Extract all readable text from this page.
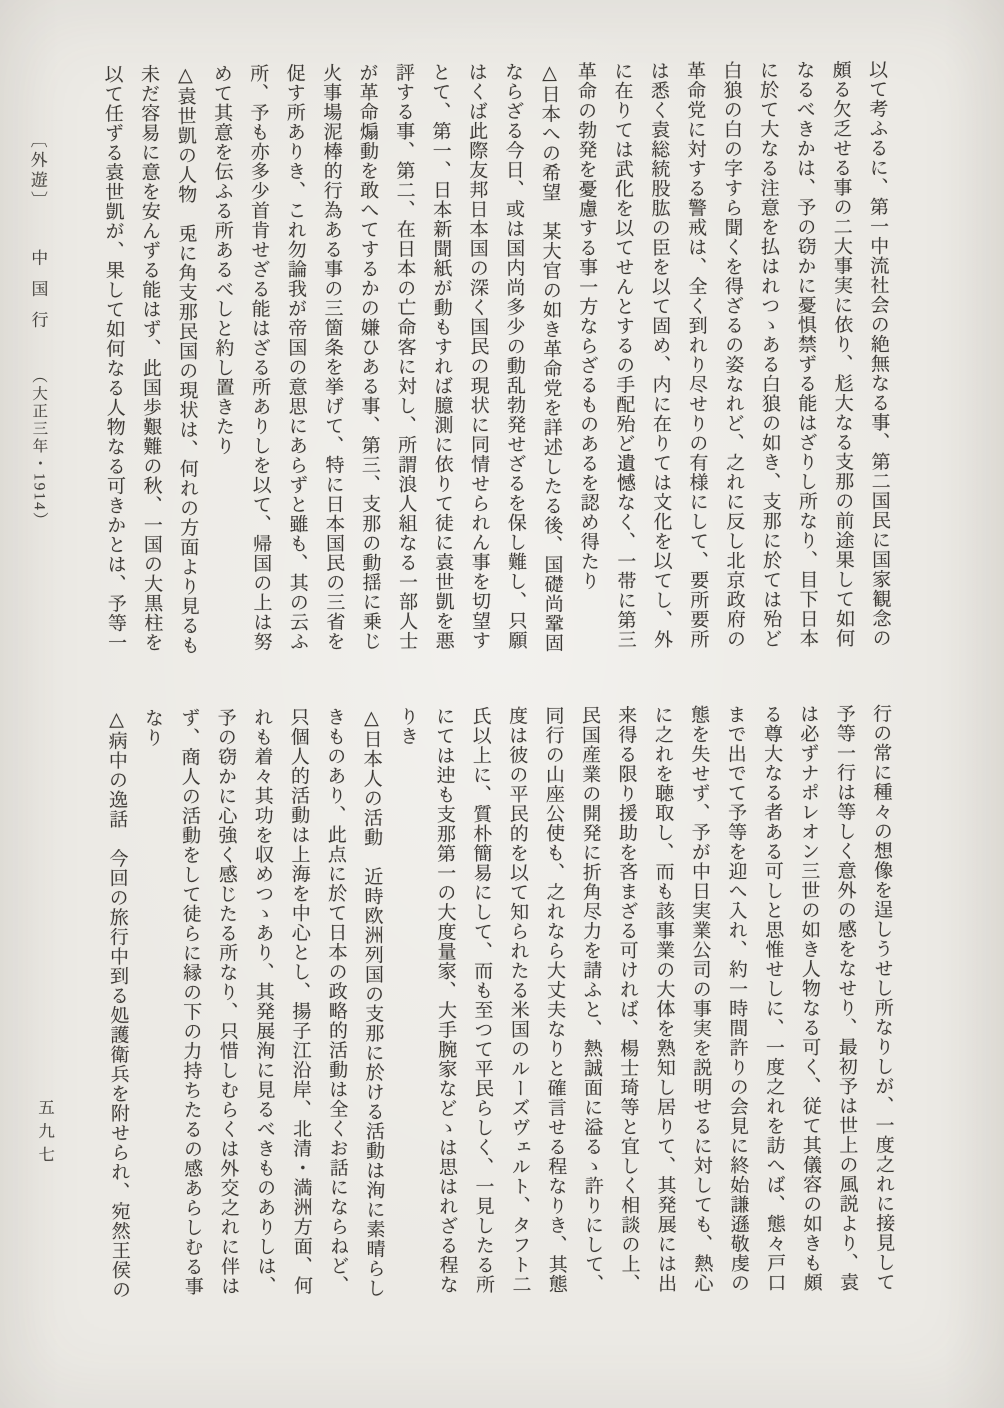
以て考ふるに、第一中流社会の絶無なる事、第二国民に国家観念の
頗る欠乏せる事の二大事実に依り、尨大なる支那の前途果して如何
なるべきかは、予の窃かに憂惧禁ずる能はざりし所なり、目下日本
に於て大なる注意を払はれつゝある白狼の如き、支那に於ては殆ど
白狼の白の字すら聞くを得ざるの姿なれど、之れに反し北京政府の
革命党に対する警戒は、全く到れり尽せりの有様にして、要所要所
は悉く袁総統股肱の臣を以て固め、内に在りては文化を以てし、外
に在りては武化を以てせんとするの手配殆ど遺憾なく、一帯に第三
革命の勃発を憂慮する事一方ならざるものあるを認め得たり
△日本への希望　某大官の如き革命党を詳述したる後、国礎尚鞏固
ならざる今日、或は国内尚多少の動乱勃発せざるを保し難し、只願
はくば此際友邦日本国の深く国民の現状に同情せられん事を切望す
とて、第一、日本新聞紙が動もすれば臆測に依りて徒に袁世凱を悪
評する事、第二、在日本の亡命客に対し、所謂浪人組なる一部人士
が革命煽動を敢へてするかの嫌ひある事、第三、支那の動揺に乗じ
火事場泥棒的行為ある事の三箇条を挙げて、特に日本国民の三省を
促す所ありき、これ勿論我が帝国の意思にあらずと雖も、其の云ふ
所、予も亦多少首肯せざる能はざる所ありしを以て、帰国の上は努
めて其意を伝ふる所あるべしと約し置きたり
△袁世凱の人物　兎に角支那民国の現状は、何れの方面より見るも
未だ容易に意を安んずる能はず、此国歩艱難の秋、一国の大黒柱を
以て任ずる袁世凱が、果して如何なる人物なる可きかとは、予等一
行の常に種々の想像を逞しうせし所なりしが、一度之れに接見して
予等一行は等しく意外の感をなせり、最初予は世上の風説より、袁
は必ずナポレオン三世の如き人物なる可く、従て其儀容の如きも頗
る尊大なる者ある可しと思惟せしに、一度之れを訪へば、態々戸口
まで出でて予等を迎へ入れ、約一時間許りの会見に終始謙遜敬虔の
態を失せず、予が中日実業公司の事実を説明せるに対しても、熱心
に之れを聴取し、而も該事業の大体を熟知し居りて、其発展には出
来得る限り援助を吝まざる可ければ、楊士琦等と宜しく相談の上、
民国産業の開発に折角尽力を請ふと、熱誠面に溢るゝ許りにして、
同行の山座公使も、之れなら大丈夫なりと確言せる程なりき、其態
度は彼の平民的を以て知られたる米国のルーズヴェルト、タフト二
氏以上に、質朴簡易にして、而も至つて平民らしく、一見したる所
にては迚も支那第一の大度量家、大手腕家などゝは思はれざる程な
りき
△日本人の活動　近時欧洲列国の支那に於ける活動は洵に素晴らし
きものあり、此点に於て日本の政略的活動は全くお話にならねど、
只個人的活動は上海を中心とし、揚子江沿岸、北清・満洲方面、何
れも着々其功を収めつゝあり、其発展洵に見るべきものありしは、
予の窃かに心強く感じたる所なり、只惜しむらくは外交之れに伴は
ず、商人の活動をして徒らに縁の下の力持ちたるの感あらしむる事
なり
△病中の逸話　今回の旅行中到る処護衛兵を附せられ、宛然王侯の
〔外遊〕中国行（大正三年・1914）
五九七
